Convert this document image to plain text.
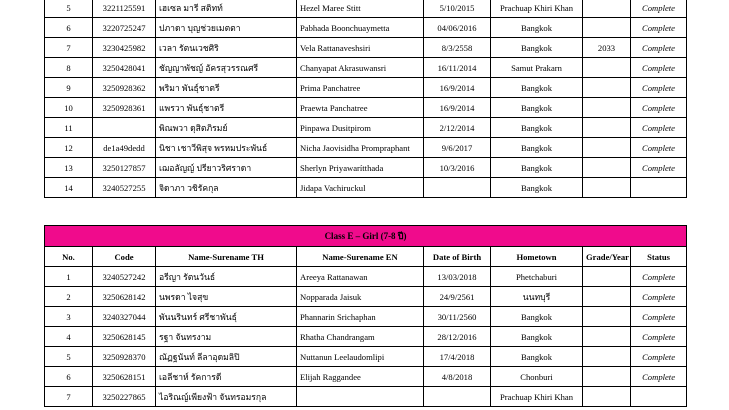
5	3221125591	เฮเซล มารี สติทท์	Hezel Maree Stitt	5/10/2015	Prachuap Khiri Khan		Complete
6	3220725247	ปภาดา บุญช่วยเมตตา	Pabhada Boonchuaymetta	04/06/2016	Bangkok		Complete
7	3230425982	เวลา รัตนเวชศิริ	Vela Rattanaveshsiri	8/3/2558	Bangkok	2033	Complete
8	3250428041	ชัญญาพัชญ์ อัครสุวรรณศรี	Chanyapat Akrasuwansri	16/11/2014	Samut Prakarn		Complete
9	3250928362	พริมา พันธุ์ชาตรี	Prima Panchatree	16/9/2014	Bangkok		Complete
10	3250928361	แพรวา พันธุ์ชาตรี	Praewta Panchatree	16/9/2014	Bangkok		Complete
11		พิณพวา ดุสิตภิรมย์	Pinpawa Dusitpirom	2/12/2014	Bangkok		Complete
12	de1a49dedd	นิชา เชาวีพิสุจ พรหมประพันธ์	Nicha Jaovisidha Prompraphant	9/6/2017	Bangkok		Complete
13	3250127857	เฌอลัญญ์ ปรียาวริศราดา	Sherlyn Priyawarítthada	10/3/2016	Bangkok		Complete
14	3240527255	จิดาภา วชิรัคกุล	Jidapa Vachiruckul		Bangkok		
Class E – Girl (7-8 ปี)							
No.	Code	Name-Surename TH	Name-Surename EN	Date of Birth	Hometown	Grade/Year	Status
1	3240527242	อรีญา รัตนวันธ์	Areeya Rattanawan	13/03/2018	Phetchaburi		Complete
2	3250628142	นพรดา ไจสุข	Nopparada Jaisuk	24/9/2561	นนทบุรี		Complete
3	3240327044	พันนรินทร์ ศรีชาพันธุ์	Phannarin Srichaphan	30/11/2560	Bangkok		Complete
4	3250628145	รฐา จันทรงาม	Rhatha Chandrangam	28/12/2016	Bangkok		Complete
5	3250928370	ณัฏฐนันท์ ลีลาอุดมลิปิ	Nuttanun Leelaudomlipi	17/4/2018	Bangkok		Complete
6	3250628151	เอลีชาห์ รัคการดี	Elijah Raggandee	4/8/2018	Chonburi		Complete
7	3250227865	ไอริณญ์เพียงฟ้า จันทรอมรกุล			Prachuap Khiri Khan		
